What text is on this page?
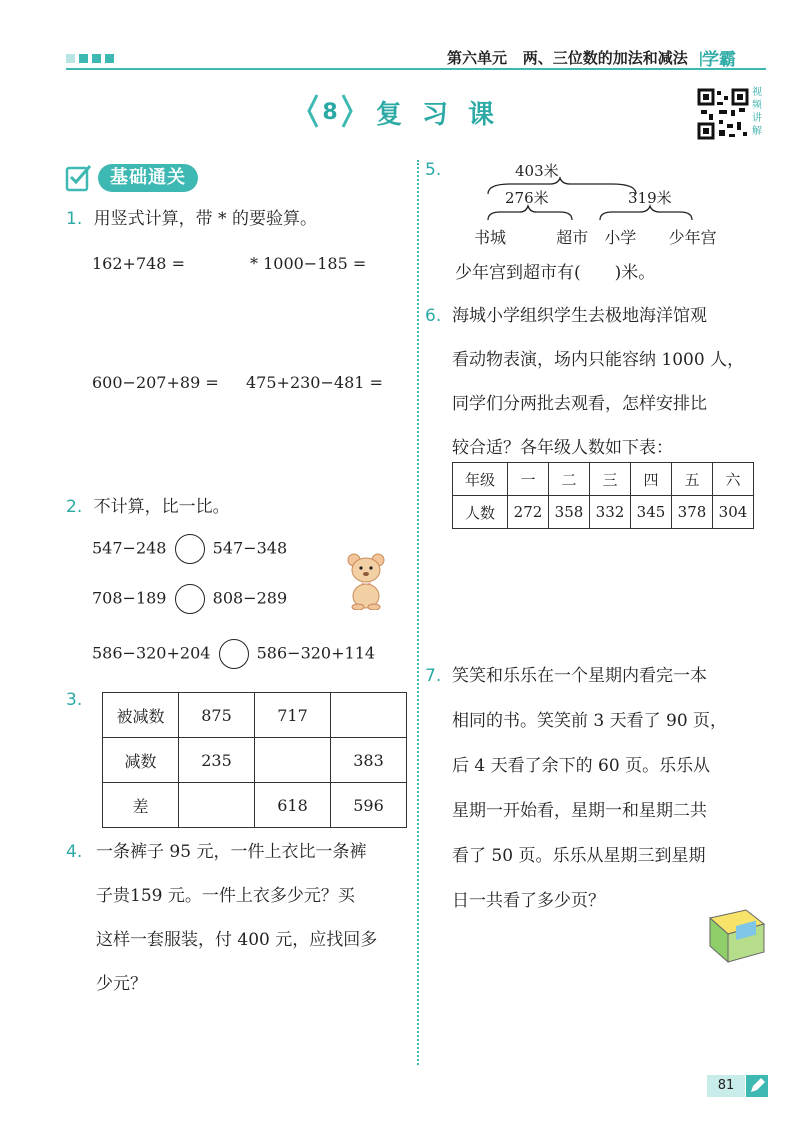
第六单元 两、三位数的加法和减法  |
学霸
8	复习课
视频讲解
基础通关
1. 用竖式计算，带 * 的要验算。
162+748 =	* 1000−185 =
600−207+89 = 475+230−481 =
2. 不计算，比一比。
547−248	547−348
708−189	808−289
586−320+204	586−320+114
3.
被减数	875	717	
减数	235		383
差		618	596
4. 一条裤子 95 元，一件上衣比一条裤
子贵159 元。一件上衣多少元？买
这样一套服装，付 400 元，应找回多
少元？
5.	403米
276米	319米
书城	超市 小学 少年宫
少年宫到超市有(　　)米。
6. 海城小学组织学生去极地海洋馆观
看动物表演，场内只能容纳 1000 人，
同学们分两批去观看，怎样安排比
较合适？各年级人数如下表：
年级	一	二	三	四	五	六
人数	272	358	332	345	378	304
7. 笑笑和乐乐在一个星期内看完一本
相同的书。笑笑前 3 天看了 90 页，
后 4 天看了余下的 60 页。乐乐从
星期一开始看，星期一和星期二共
看了 50 页。乐乐从星期三到星期
日一共看了多少页？
81
